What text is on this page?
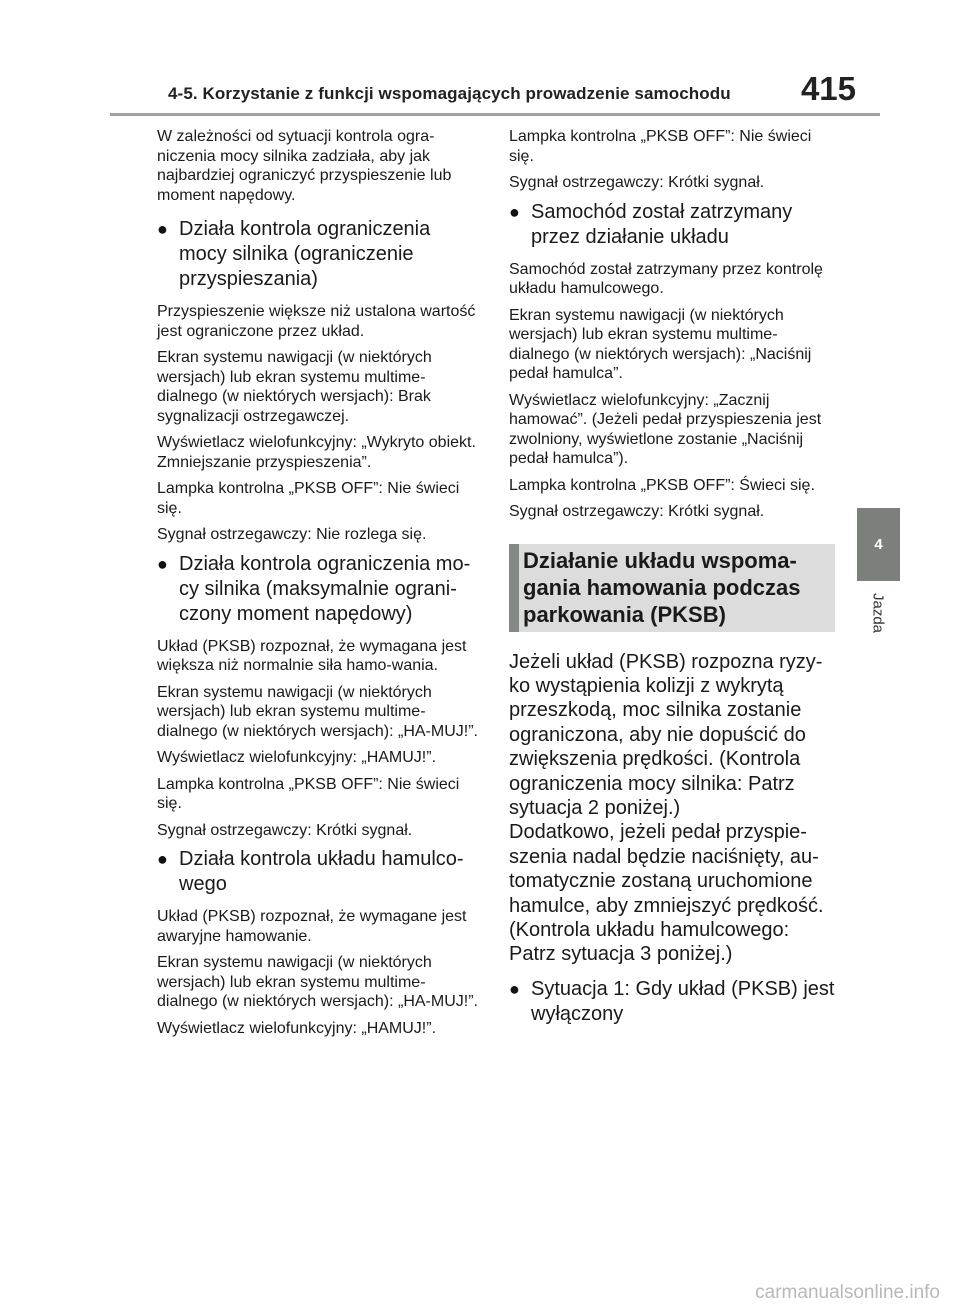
4-5. Korzystanie z funkcji wspomagających prowadzenie samochodu	415

W zależności od sytuacji kontrola ogra-niczenia mocy silnika zadziała, aby jak najbardziej ograniczyć przyspieszenie lub moment napędowy.

● Działa kontrola ograniczenia mocy silnika (ograniczenie przyspieszania)

Przyspieszenie większe niż ustalona wartość jest ograniczone przez układ.

Ekran systemu nawigacji (w niektórych wersjach) lub ekran systemu multime-dialnego (w niektórych wersjach): Brak sygnalizacji ostrzegawczej.

Wyświetlacz wielofunkcyjny: „Wykryto obiekt. Zmniejszanie przyspieszenia”.

Lampka kontrolna „PKSB OFF”: Nie świeci się.

Sygnał ostrzegawczy: Nie rozlega się.

● Działa kontrola ograniczenia mo-cy silnika (maksymalnie ograni-czony moment napędowy)

Układ (PKSB) rozpoznał, że wymagana jest większa niż normalnie siła hamo-wania.

Ekran systemu nawigacji (w niektórych wersjach) lub ekran systemu multime-dialnego (w niektórych wersjach): „HA-MUJ!”.

Wyświetlacz wielofunkcyjny: „HAMUJ!”.

Lampka kontrolna „PKSB OFF”: Nie świeci się.

Sygnał ostrzegawczy: Krótki sygnał.

● Działa kontrola układu hamulco-wego

Układ (PKSB) rozpoznał, że wymagane jest awaryjne hamowanie.

Ekran systemu nawigacji (w niektórych wersjach) lub ekran systemu multime-dialnego (w niektórych wersjach): „HA-MUJ!”.

Wyświetlacz wielofunkcyjny: „HAMUJ!”.

Lampka kontrolna „PKSB OFF”: Nie świeci się.

Sygnał ostrzegawczy: Krótki sygnał.

● Samochód został zatrzymany przez działanie układu

Samochód został zatrzymany przez kontrolę układu hamulcowego.

Ekran systemu nawigacji (w niektórych wersjach) lub ekran systemu multime-dialnego (w niektórych wersjach): „Naciśnij pedał hamulca”.

Wyświetlacz wielofunkcyjny: „Zacznij hamować”. (Jeżeli pedał przyspieszenia jest zwolniony, wyświetlone zostanie „Naciśnij pedał hamulca”).

Lampka kontrolna „PKSB OFF”: Świeci się.

Sygnał ostrzegawczy: Krótki sygnał.

Działanie układu wspoma-gania hamowania podczas parkowania (PKSB)

Jeżeli układ (PKSB) rozpozna ryzy-ko wystąpienia kolizji z wykrytą przeszkodą, moc silnika zostanie ograniczona, aby nie dopuścić do zwiększenia prędkości. (Kontrola ograniczenia mocy silnika: Patrz sytuacja 2 poniżej.)

Dodatkowo, jeżeli pedał przyspie-szenia nadal będzie naciśnięty, au-tomatycznie zostaną uruchomione hamulce, aby zmniejszyć prędkość. (Kontrola układu hamulcowego: Patrz sytuacja 3 poniżej.)

● Sytuacja 1: Gdy układ (PKSB) jest wyłączony
4
Jazda
carmanualsonline.info
